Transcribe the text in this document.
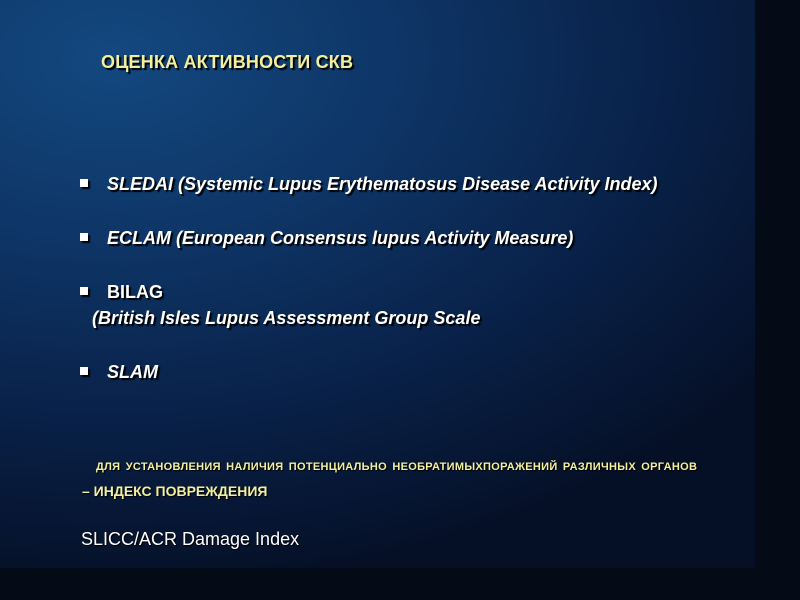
ОЦЕНКА АКТИВНОСТИ СКВ
SLEDAI (Systemic Lupus Erythematosus Disease Activity Index)
ECLAM (European Consensus lupus Activity Measure)
BILAG
(British Isles Lupus Assessment Group Scale
SLAM
ДЛЯ УСТАНОВЛЕНИЯ НАЛИЧИЯ ПОТЕНЦИАЛЬНО НЕОБРАТИМЫХПОРАЖЕНИЙ РАЗЛИЧНЫХ ОРГАНОВ
– ИНДЕКС ПОВРЕЖДЕНИЯ
SLICC/ACR Damage Index
